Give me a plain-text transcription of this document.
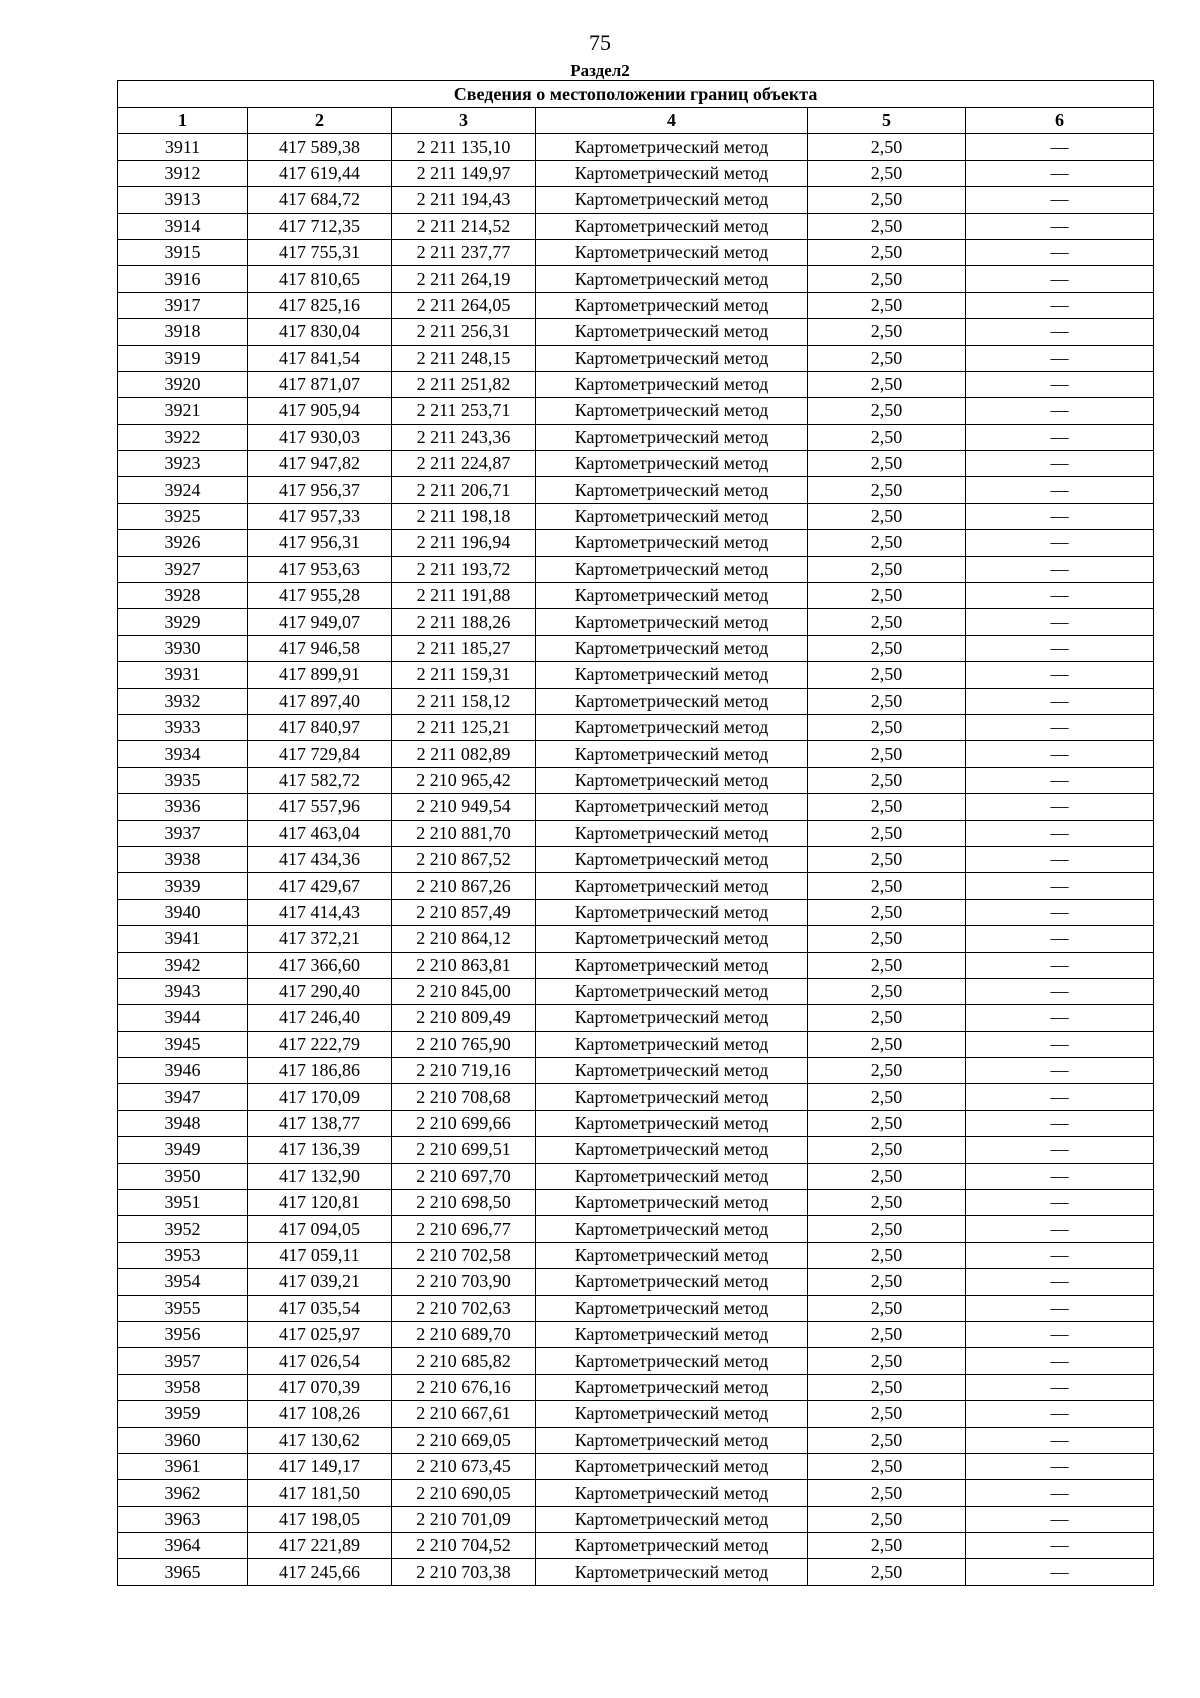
75
Раздел2
Сведения о местоположении границ объекта					
1	2	3	4	5	6
3911	417 589,38	2 211 135,10	Картометрический метод	2,50	—
3912	417 619,44	2 211 149,97	Картометрический метод	2,50	—
3913	417 684,72	2 211 194,43	Картометрический метод	2,50	—
3914	417 712,35	2 211 214,52	Картометрический метод	2,50	—
3915	417 755,31	2 211 237,77	Картометрический метод	2,50	—
3916	417 810,65	2 211 264,19	Картометрический метод	2,50	—
3917	417 825,16	2 211 264,05	Картометрический метод	2,50	—
3918	417 830,04	2 211 256,31	Картометрический метод	2,50	—
3919	417 841,54	2 211 248,15	Картометрический метод	2,50	—
3920	417 871,07	2 211 251,82	Картометрический метод	2,50	—
3921	417 905,94	2 211 253,71	Картометрический метод	2,50	—
3922	417 930,03	2 211 243,36	Картометрический метод	2,50	—
3923	417 947,82	2 211 224,87	Картометрический метод	2,50	—
3924	417 956,37	2 211 206,71	Картометрический метод	2,50	—
3925	417 957,33	2 211 198,18	Картометрический метод	2,50	—
3926	417 956,31	2 211 196,94	Картометрический метод	2,50	—
3927	417 953,63	2 211 193,72	Картометрический метод	2,50	—
3928	417 955,28	2 211 191,88	Картометрический метод	2,50	—
3929	417 949,07	2 211 188,26	Картометрический метод	2,50	—
3930	417 946,58	2 211 185,27	Картометрический метод	2,50	—
3931	417 899,91	2 211 159,31	Картометрический метод	2,50	—
3932	417 897,40	2 211 158,12	Картометрический метод	2,50	—
3933	417 840,97	2 211 125,21	Картометрический метод	2,50	—
3934	417 729,84	2 211 082,89	Картометрический метод	2,50	—
3935	417 582,72	2 210 965,42	Картометрический метод	2,50	—
3936	417 557,96	2 210 949,54	Картометрический метод	2,50	—
3937	417 463,04	2 210 881,70	Картометрический метод	2,50	—
3938	417 434,36	2 210 867,52	Картометрический метод	2,50	—
3939	417 429,67	2 210 867,26	Картометрический метод	2,50	—
3940	417 414,43	2 210 857,49	Картометрический метод	2,50	—
3941	417 372,21	2 210 864,12	Картометрический метод	2,50	—
3942	417 366,60	2 210 863,81	Картометрический метод	2,50	—
3943	417 290,40	2 210 845,00	Картометрический метод	2,50	—
3944	417 246,40	2 210 809,49	Картометрический метод	2,50	—
3945	417 222,79	2 210 765,90	Картометрический метод	2,50	—
3946	417 186,86	2 210 719,16	Картометрический метод	2,50	—
3947	417 170,09	2 210 708,68	Картометрический метод	2,50	—
3948	417 138,77	2 210 699,66	Картометрический метод	2,50	—
3949	417 136,39	2 210 699,51	Картометрический метод	2,50	—
3950	417 132,90	2 210 697,70	Картометрический метод	2,50	—
3951	417 120,81	2 210 698,50	Картометрический метод	2,50	—
3952	417 094,05	2 210 696,77	Картометрический метод	2,50	—
3953	417 059,11	2 210 702,58	Картометрический метод	2,50	—
3954	417 039,21	2 210 703,90	Картометрический метод	2,50	—
3955	417 035,54	2 210 702,63	Картометрический метод	2,50	—
3956	417 025,97	2 210 689,70	Картометрический метод	2,50	—
3957	417 026,54	2 210 685,82	Картометрический метод	2,50	—
3958	417 070,39	2 210 676,16	Картометрический метод	2,50	—
3959	417 108,26	2 210 667,61	Картометрический метод	2,50	—
3960	417 130,62	2 210 669,05	Картометрический метод	2,50	—
3961	417 149,17	2 210 673,45	Картометрический метод	2,50	—
3962	417 181,50	2 210 690,05	Картометрический метод	2,50	—
3963	417 198,05	2 210 701,09	Картометрический метод	2,50	—
3964	417 221,89	2 210 704,52	Картометрический метод	2,50	—
3965	417 245,66	2 210 703,38	Картометрический метод	2,50	—
